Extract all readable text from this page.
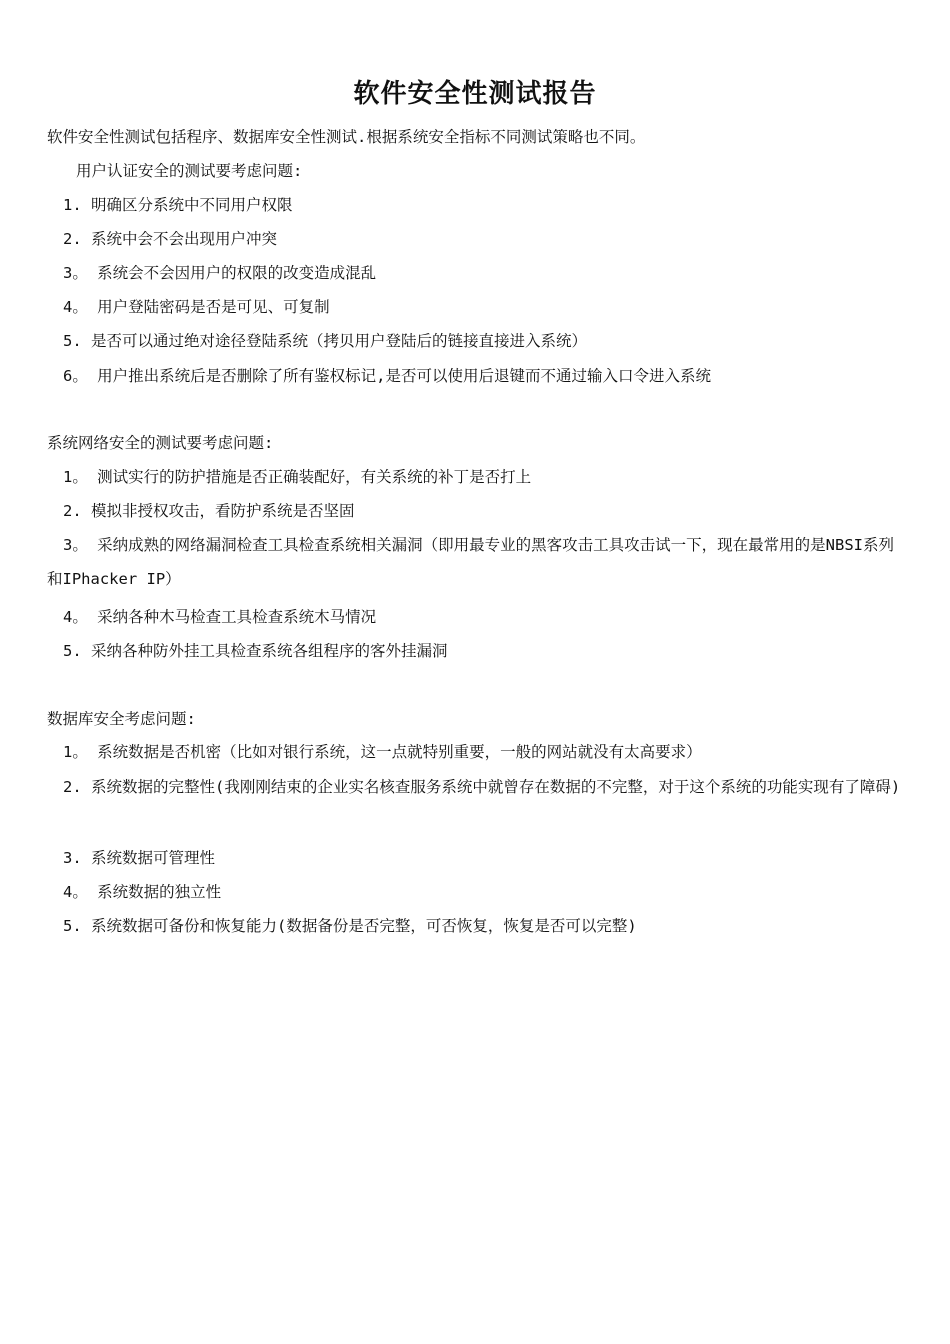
软件安全性测试报告
软件安全性测试包括程序、数据库安全性测试.根据系统安全指标不同测试策略也不同。
用户认证安全的测试要考虑问题:
1. 明确区分系统中不同用户权限
2. 系统中会不会出现用户冲突
3。 系统会不会因用户的权限的改变造成混乱
4。 用户登陆密码是否是可见、可复制
5. 是否可以通过绝对途径登陆系统（拷贝用户登陆后的链接直接进入系统）
6。 用户推出系统后是否删除了所有鉴权标记,是否可以使用后退键而不通过输入口令进入系统
系统网络安全的测试要考虑问题:
1。 测试实行的防护措施是否正确装配好，有关系统的补丁是否打上
2. 模拟非授权攻击，看防护系统是否坚固
3。 采纳成熟的网络漏洞检查工具检查系统相关漏洞（即用最专业的黑客攻击工具攻击试一下，现在最常用的是NBSI系列和IPhacker IP）
4。 采纳各种木马检查工具检查系统木马情况
5. 采纳各种防外挂工具检查系统各组程序的客外挂漏洞
数据库安全考虑问题:
1。 系统数据是否机密（比如对银行系统，这一点就特别重要，一般的网站就没有太高要求）
2. 系统数据的完整性(我刚刚结束的企业实名核查服务系统中就曾存在数据的不完整，对于这个系统的功能实现有了障碍)
3. 系统数据可管理性
4。 系统数据的独立性
5. 系统数据可备份和恢复能力(数据备份是否完整，可否恢复，恢复是否可以完整)
